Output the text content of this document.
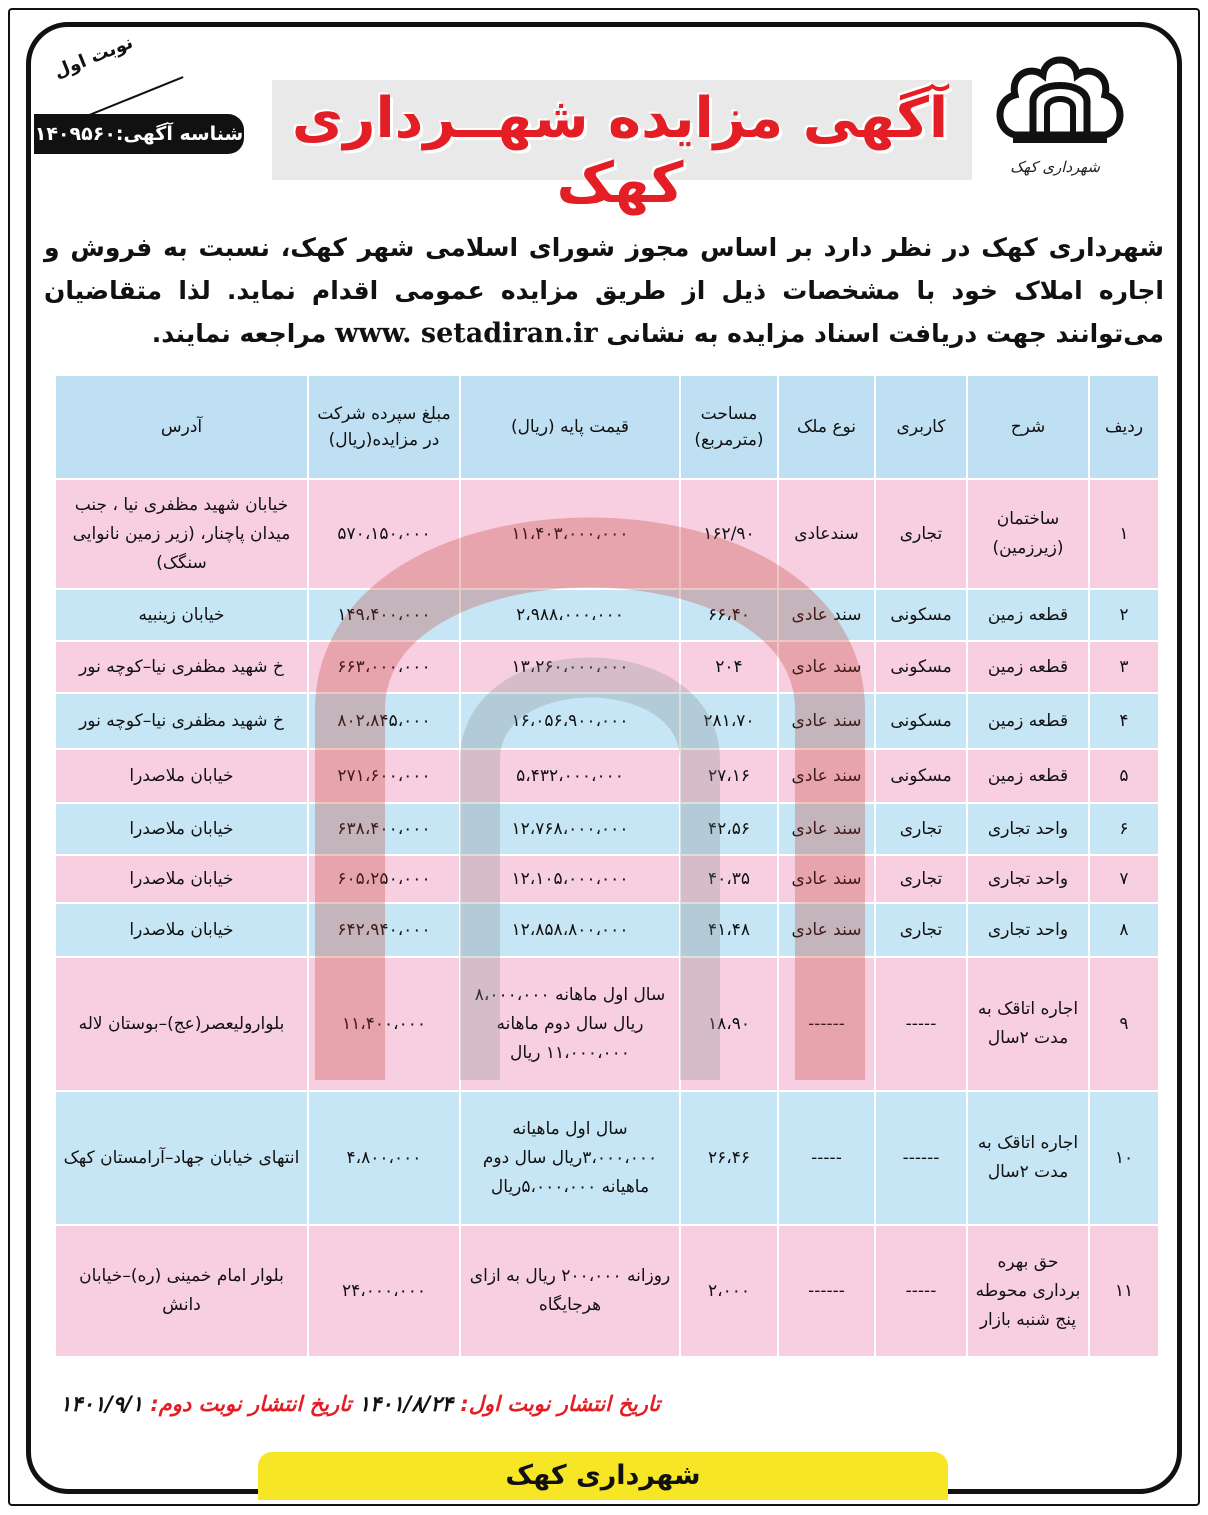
شهرداری کهک
نوبت اول
شناسه آگهی:۱۴۰۹۵۶۰ آگهی مزایده شهــرداری کهک
شهرداری کهک در نظر دارد بر اساس مجوز شورای اسلامی شهر کهک، نسبت به فروش و اجاره املاک خود با مشخصات ذیل از طریق مزایده عمومی اقدام نماید. لذا متقاضیان می‌توانند جهت دریافت اسناد مزایده به نشانی www. setadiran.ir مراجعه نمایند.
ردیف	شرح	کاربری	نوع ملک	مساحت (مترمربع)	قیمت پایه (ریال)	مبلغ سپرده شرکت در مزایده(ریال)	آدرس
۱	ساختمان (زیرزمین)	تجاری	سندعادی	۱۶۲/۹۰	۱۱،۴۰۳،۰۰۰،۰۰۰	۵۷۰،۱۵۰،۰۰۰	خیابان شهید مظفری نیا ، جنب میدان پاچنار، (زیر زمین نانوایی سنگک)
۲	قطعه زمین	مسکونی	سند عادی	۶۶،۴۰	۲،۹۸۸،۰۰۰،۰۰۰	۱۴۹،۴۰۰،۰۰۰	خیابان زینبیه
۳	قطعه زمین	مسکونی	سند عادی	۲۰۴	۱۳،۲۶۰،۰۰۰،۰۰۰	۶۶۳،۰۰۰،۰۰۰	خ شهید مظفری نیا–کوچه نور
۴	قطعه زمین	مسکونی	سند عادی	۲۸۱،۷۰	۱۶،۰۵۶،۹۰۰،۰۰۰	۸۰۲،۸۴۵،۰۰۰	خ شهید مظفری نیا–کوچه نور
۵	قطعه زمین	مسکونی	سند عادی	۲۷،۱۶	۵،۴۳۲،۰۰۰،۰۰۰	۲۷۱،۶۰۰،۰۰۰	خیابان ملاصدرا
۶	واحد تجاری	تجاری	سند عادی	۴۲،۵۶	۱۲،۷۶۸،۰۰۰،۰۰۰	۶۳۸،۴۰۰،۰۰۰	خیابان ملاصدرا
۷	واحد تجاری	تجاری	سند عادی	۴۰،۳۵	۱۲،۱۰۵،۰۰۰،۰۰۰	۶۰۵،۲۵۰،۰۰۰	خیابان ملاصدرا
۸	واحد تجاری	تجاری	سند عادی	۴۱،۴۸	۱۲،۸۵۸،۸۰۰،۰۰۰	۶۴۲،۹۴۰،۰۰۰	خیابان ملاصدرا
۹	اجاره اتاقک به مدت ۲سال	-----	------	۱۸،۹۰	سال اول ماهانه ۸،۰۰۰،۰۰۰ ریال سال دوم ماهانه ۱۱،۰۰۰،۰۰۰ ریال	۱۱،۴۰۰،۰۰۰	بلواروليعصر(عج)–بوستان لاله
۱۰	اجاره اتاقک به مدت ۲سال	------	-----	۲۶،۴۶	سال اول ماهیانه ۳،۰۰۰،۰۰۰ریال سال دوم ماهیانه ۵،۰۰۰،۰۰۰ریال	۴،۸۰۰،۰۰۰	انتهای خیابان جهاد–آرامستان کهک
۱۱	حق بهره برداری محوطه پنج شنبه بازار	-----	------	۲،۰۰۰	روزانه ۲۰۰،۰۰۰ ریال به ازای هرجایگاه	۲۴،۰۰۰،۰۰۰	بلوار امام خمینی (ره)–خیابان دانش
تاریخ انتشار نوبت اول: ۱۴۰۱/۸/۲۴ تاریخ انتشار نوبت دوم: ۱۴۰۱/۹/۱
شهرداری کهک
